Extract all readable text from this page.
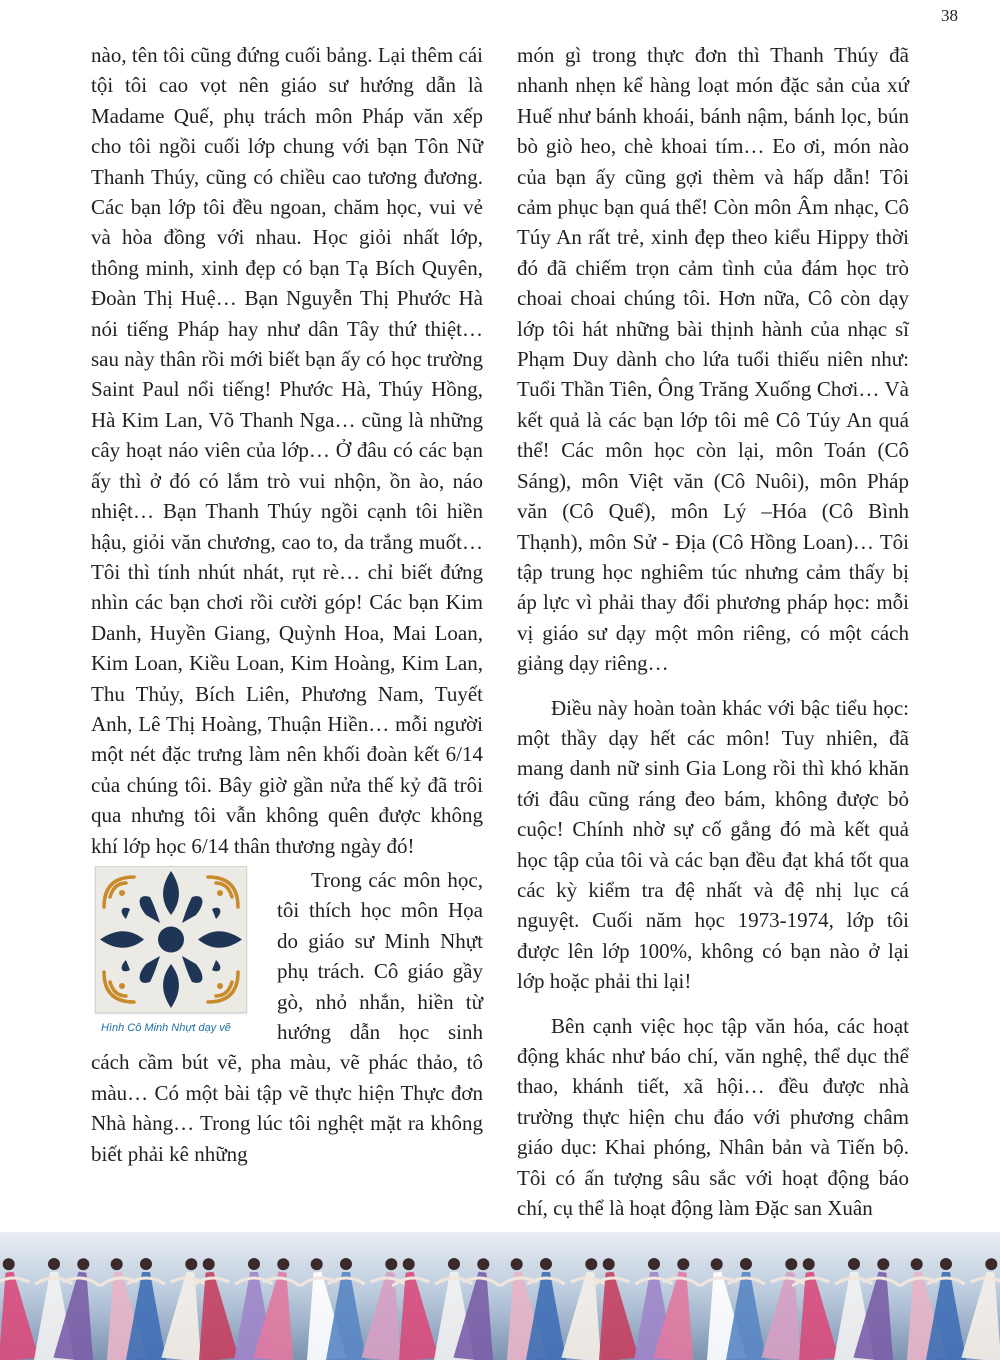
38

nào, tên tôi cũng đứng cuối bảng. Lại thêm cái tội tôi cao vọt nên giáo sư hướng dẫn là Madame Quế, phụ trách môn Pháp văn xếp cho tôi ngồi cuối lớp chung với bạn Tôn Nữ Thanh Thúy, cũng có chiều cao tương đương. Các bạn lớp tôi đều ngoan, chăm học, vui vẻ và hòa đồng với nhau. Học giỏi nhất lớp, thông minh, xinh đẹp có bạn Tạ Bích Quyên, Đoàn Thị Huệ… Bạn Nguyễn Thị Phước Hà nói tiếng Pháp hay như dân Tây thứ thiệt… sau này thân rồi mới biết bạn ấy có học trường Saint Paul nổi tiếng! Phước Hà, Thúy Hồng, Hà Kim Lan, Võ Thanh Nga… cũng là những cây hoạt náo viên của lớp… Ở đâu có các bạn ấy thì ở đó có lắm trò vui nhộn, ồn ào, náo nhiệt… Bạn Thanh Thúy ngồi cạnh tôi hiền hậu, giỏi văn chương, cao to, da trắng muốt… Tôi thì tính nhút nhát, rụt rè… chỉ biết đứng nhìn các bạn chơi rồi cười góp! Các bạn Kim Danh, Huyền Giang, Quỳnh Hoa, Mai Loan, Kim Loan, Kiều Loan, Kim Hoàng, Kim Lan, Thu Thủy, Bích Liên, Phương Nam, Tuyết Anh, Lê Thị Hoàng, Thuận Hiền… mỗi người một nét đặc trưng làm nên khối đoàn kết 6/14 của chúng tôi. Bây giờ gần nửa thế kỷ đã trôi qua nhưng tôi vẫn không quên được không khí lớp học 6/14 thân thương ngày đó!

Hình Cô Minh Nhựt dạy vẽ
Trong các môn học, tôi thích học môn Họa do giáo sư Minh Nhựt phụ trách. Cô giáo gầy gò, nhỏ nhắn, hiền từ hướng dẫn học sinh cách cầm bút vẽ, pha màu, vẽ phác thảo, tô màu… Có một bài tập vẽ thực hiện Thực đơn Nhà hàng… Trong lúc tôi nghệt mặt ra không biết phải kê những

món gì trong thực đơn thì Thanh Thúy đã nhanh nhẹn kể hàng loạt món đặc sản của xứ Huế như bánh khoái, bánh nậm, bánh lọc, bún bò giò heo, chè khoai tím… Eo ơi, món nào của bạn ấy cũng gợi thèm và hấp dẫn! Tôi cảm phục bạn quá thể! Còn môn Âm nhạc, Cô Túy An rất trẻ, xinh đẹp theo kiểu Hippy thời đó đã chiếm trọn cảm tình của đám học trò choai choai chúng tôi. Hơn nữa, Cô còn dạy lớp tôi hát những bài thịnh hành của nhạc sĩ Phạm Duy dành cho lứa tuổi thiếu niên như: Tuổi Thần Tiên, Ông Trăng Xuống Chơi… Và kết quả là các bạn lớp tôi mê Cô Túy An quá thể! Các môn học còn lại, môn Toán (Cô Sáng), môn Việt văn (Cô Nuôi), môn Pháp văn (Cô Quế), môn Lý –Hóa (Cô Bình Thạnh), môn Sử - Địa (Cô Hồng Loan)… Tôi tập trung học nghiêm túc nhưng cảm thấy bị áp lực vì phải thay đổi phương pháp học: mỗi vị giáo sư dạy một môn riêng, có một cách giảng dạy riêng…

Điều này hoàn toàn khác với bậc tiểu học: một thầy dạy hết các môn! Tuy nhiên, đã mang danh nữ sinh Gia Long rồi thì khó khăn tới đâu cũng ráng đeo bám, không được bỏ cuộc! Chính nhờ sự cố gắng đó mà kết quả học tập của tôi và các bạn đều đạt khá tốt qua các kỳ kiểm tra đệ nhất và đệ nhị lục cá nguyệt. Cuối năm học 1973-1974, lớp tôi được lên lớp 100%, không có bạn nào ở lại lớp hoặc phải thi lại!

Bên cạnh việc học tập văn hóa, các hoạt động khác như báo chí, văn nghệ, thể dục thể thao, khánh tiết, xã hội… đều được nhà trường thực hiện chu đáo với phương châm giáo dục: Khai phóng, Nhân bản và Tiến bộ. Tôi có ấn tượng sâu sắc với hoạt động báo chí, cụ thể là hoạt động làm Đặc san Xuân
